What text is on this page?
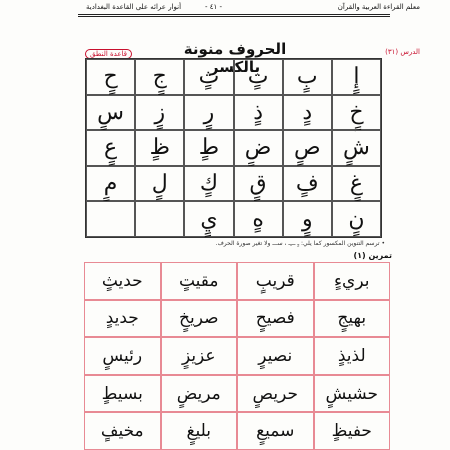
معلم القراءة العربية والقرآن
- ٤١ -
أنوار عرائه على القاعدة البغدادية
الدرس (٣١)
الحروف منونة بالكسر
قاعدة النطق
إٍ
بٍ
تٍ
ثٍ
جٍ
حٍ
خٍ
دٍ
ذٍ
رٍ
زٍ
سٍ
شٍ
صٍ
ضٍ
طٍ
ظٍ
عٍ
غٍ
فٍ
قٍ
كٍ
لٍ
مٍ
نٍ
وٍ
هٍ
يٍ
• ترسم التنوين المكسور كما يلي: ـٍ ـــِـ ، ســـ ولا تغير صورة الحرف.
تمرين (١)
بريءٍ
قريبٍ
مقيتٍ
حديثٍ
بهيجٍ
فصيحٍ
صريخٍ
جديدٍ
لذيذٍ
نصيرٍ
عزيزٍ
رئيسٍ
حشيشٍ
حريصٍ
مريضٍ
بسيطٍ
حفيظٍ
سميعٍ
بليغٍ
مخيفٍ
